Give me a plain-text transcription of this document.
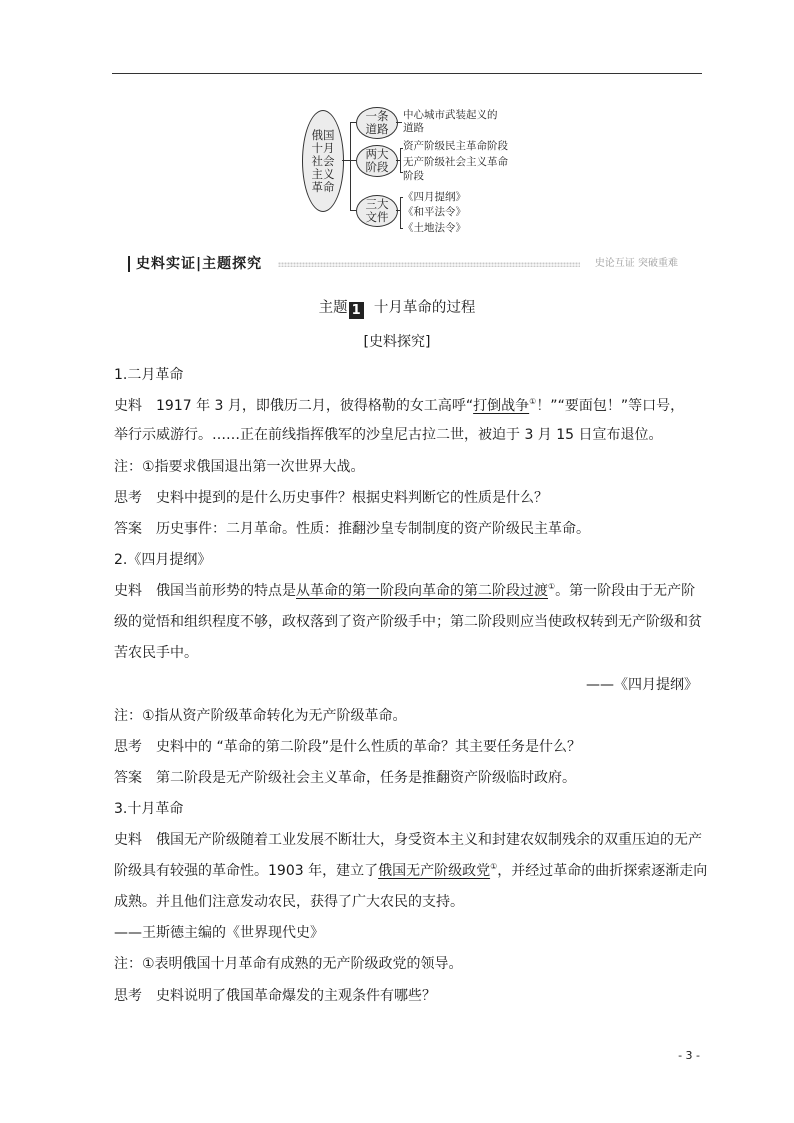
俄国
十月
社会
主义
革命
一条
道路
两大
阶段
三大
文件
中心城市武装起义的
道路
资产阶级民主革命阶段
无产阶级社会主义革命
阶段
《四月提纲》
《和平法令》
《土地法令》
史料实证|主题探究	史论互证 突破重难
主题 1 十月革命的过程
[史料探究]
1.二月革命
史料 1917 年 3 月，即俄历二月，彼得格勒的女工高呼“打倒战争①！”“要面包！”等口号，
举行示威游行。……正在前线指挥俄军的沙皇尼古拉二世，被迫于 3 月 15 日宣布退位。
注：①指要求俄国退出第一次世界大战。
思考 史料中提到的是什么历史事件？根据史料判断它的性质是什么？
答案 历史事件：二月革命。性质：推翻沙皇专制制度的资产阶级民主革命。
2.《四月提纲》
史料 俄国当前形势的特点是从革命的第一阶段向革命的第二阶段过渡①。第一阶段由于无产阶
级的觉悟和组织程度不够，政权落到了资产阶级手中；第二阶段则应当使政权转到无产阶级和贫
苦农民手中。
——《四月提纲》
注：①指从资产阶级革命转化为无产阶级革命。
思考 史料中的 “革命的第二阶段”是什么性质的革命？其主要任务是什么？
答案 第二阶段是无产阶级社会主义革命，任务是推翻资产阶级临时政府。
3.十月革命
史料 俄国无产阶级随着工业发展不断壮大，身受资本主义和封建农奴制残余的双重压迫的无产
阶级具有较强的革命性。1903 年，建立了俄国无产阶级政党①，并经过革命的曲折探索逐渐走向
成熟。并且他们注意发动农民，获得了广大农民的支持。
——王斯德主编的《世界现代史》
注：①表明俄国十月革命有成熟的无产阶级政党的领导。
思考 史料说明了俄国革命爆发的主观条件有哪些？
- 3 -
